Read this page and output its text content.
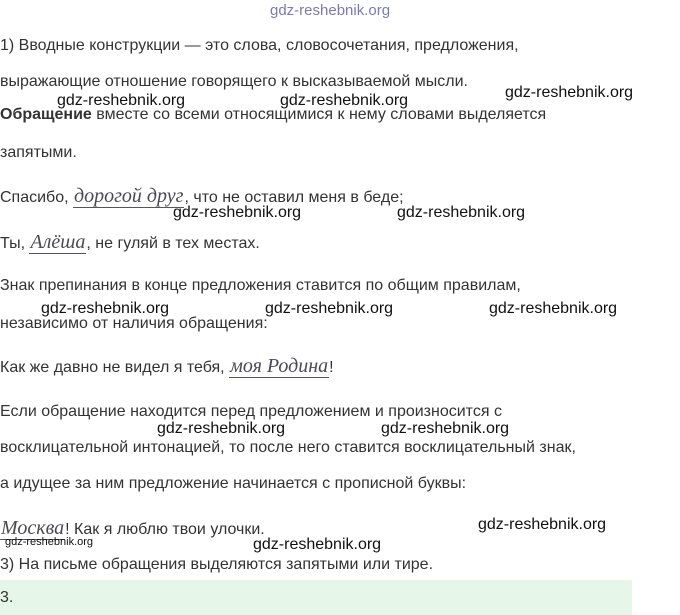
gdz-reshebnik.org
1) Вводные конструкции — это слова, словосочетания, предложения,
выражающие отношение говорящего к высказываемой мысли.
Обращение вместе со всеми относящимися к нему словами выделяется
запятыми.
Спасибо, дорогой друг, что не оставил меня в беде;
Ты, Алёша, не гуляй в тех местах.
Знак препинания в конце предложения ставится по общим правилам,
независимо от наличия обращения:
Как же давно не видел я тебя, моя Родина!
Если обращение находится перед предложением и произносится с
восклицательной интонацией, то после него ставится восклицательный знак,
а идущее за ним предложение начинается с прописной буквы:
Москва! Как я люблю твои улочки.
3) На письме обращения выделяются запятыми или тире.
3.
gdz-reshebnik.org	gdz-reshebnik.org	gdz-reshebnik.org
gdz-reshebnik.org	gdz-reshebnik.org
gdz-reshebnik.org	gdz-reshebnik.org	gdz-reshebnik.org
gdz-reshebnik.org	gdz-reshebnik.org
gdz-reshebnik.org
gdz-reshebnik.org	gdz-reshebnik.org
